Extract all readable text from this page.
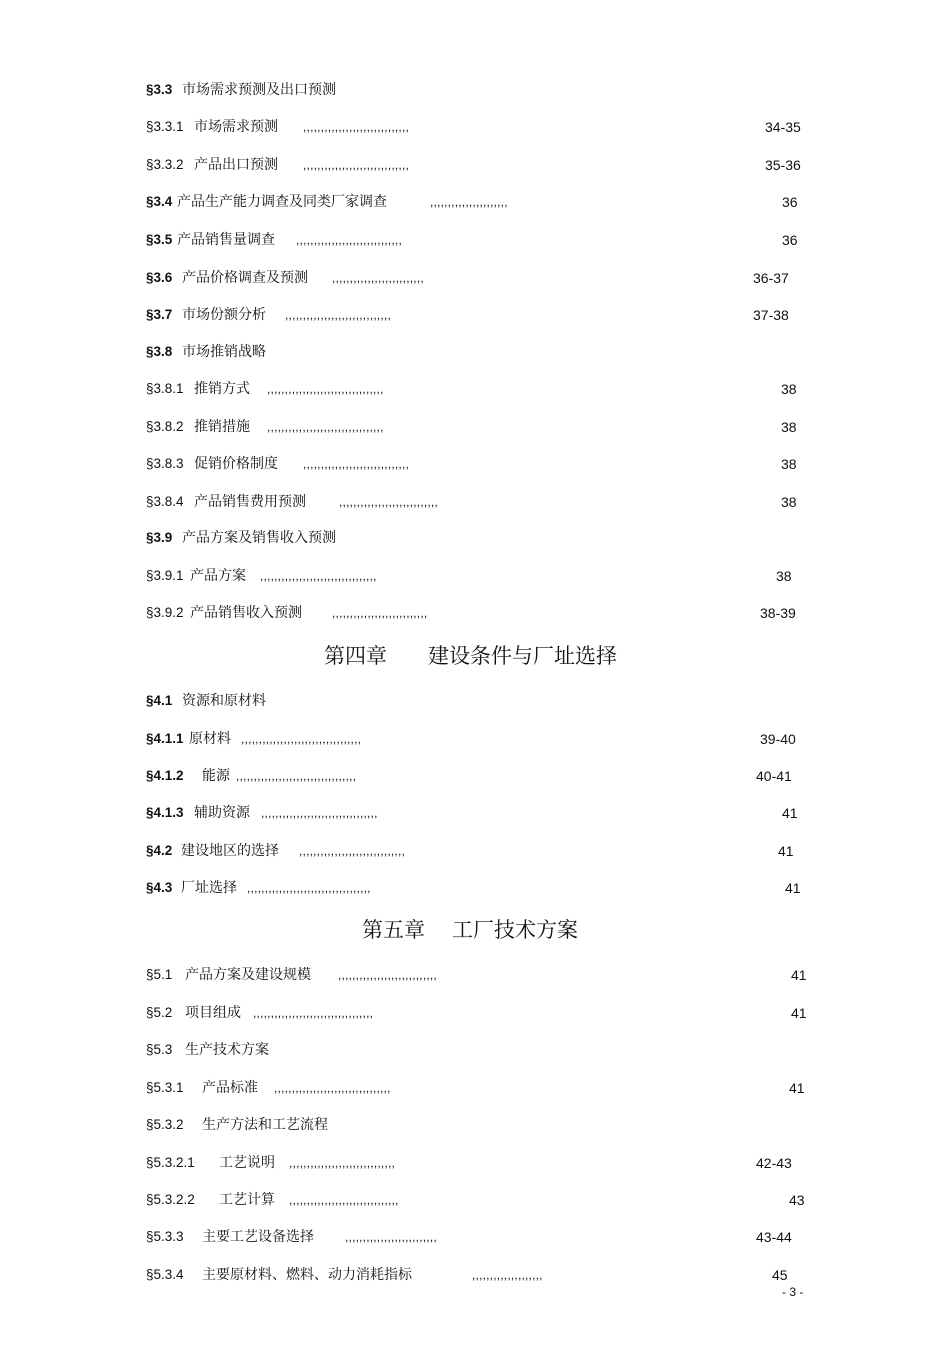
§3.3 市场需求预测及出口预测
§3.3.1 市场需求预测 ,,,,,,,,,,,,,,,,,,,,,,,,,,,,,,	34-35
§3.3.2 产品出口预测 ,,,,,,,,,,,,,,,,,,,,,,,,,,,,,,	35-36
§3.4 产品生产能力调查及同类厂家调查	,,,,,,,,,,,,,,,,,,,,,,	36
§3.5 产品销售量调查 ,,,,,,,,,,,,,,,,,,,,,,,,,,,,,,	36
§3.6 产品价格调查及预测 ,,,,,,,,,,,,,,,,,,,,,,,,,,	36-37
§3.7 市场份额分析 ,,,,,,,,,,,,,,,,,,,,,,,,,,,,,,	37-38
§3.8 市场推销战略
§3.8.1 推销方式 ,,,,,,,,,,,,,,,,,,,,,,,,,,,,,,,,,	38
§3.8.2 推销措施 ,,,,,,,,,,,,,,,,,,,,,,,,,,,,,,,,,	38
§3.8.3 促销价格制度 ,,,,,,,,,,,,,,,,,,,,,,,,,,,,,,	38
§3.8.4 产品销售费用预测	,,,,,,,,,,,,,,,,,,,,,,,,,,,,	38
§3.9 产品方案及销售收入预测
§3.9.1 产品方案 ,,,,,,,,,,,,,,,,,,,,,,,,,,,,,,,,,	38
§3.9.2 产品销售收入预测	,,,,,,,,,,,,,,,,,,,,,,,,,,,	38-39
第四章 建设条件与厂址选择
§4.1 资源和原材料
§4.1.1 原材料 ,,,,,,,,,,,,,,,,,,,,,,,,,,,,,,,,,,	39-40
§4.1.2 能源 ,,,,,,,,,,,,,,,,,,,,,,,,,,,,,,,,,,	40-41
§4.1.3 辅助资源 ,,,,,,,,,,,,,,,,,,,,,,,,,,,,,,,,,	41
§4.2 建设地区的选择 ,,,,,,,,,,,,,,,,,,,,,,,,,,,,,,	41
§4.3 厂址选择 ,,,,,,,,,,,,,,,,,,,,,,,,,,,,,,,,,,,	41
第五章 工厂技术方案
§5.1 产品方案及建设规模 ,,,,,,,,,,,,,,,,,,,,,,,,,,,,	41
§5.2 项目组成 ,,,,,,,,,,,,,,,,,,,,,,,,,,,,,,,,,,	41
§5.3 生产技术方案
§5.3.1 产品标准 ,,,,,,,,,,,,,,,,,,,,,,,,,,,,,,,,,	41
§5.3.2 生产方法和工艺流程
§5.3.2.1 工艺说明 ,,,,,,,,,,,,,,,,,,,,,,,,,,,,,,	42-43
§5.3.2.2 工艺计算 ,,,,,,,,,,,,,,,,,,,,,,,,,,,,,,,	43
§5.3.3 主要工艺设备选择	,,,,,,,,,,,,,,,,,,,,,,,,,,	43-44
§5.3.4 主要原材料、燃料、动力消耗指标	,,,,,,,,,,,,,,,,,,,,	45
- 3 -
